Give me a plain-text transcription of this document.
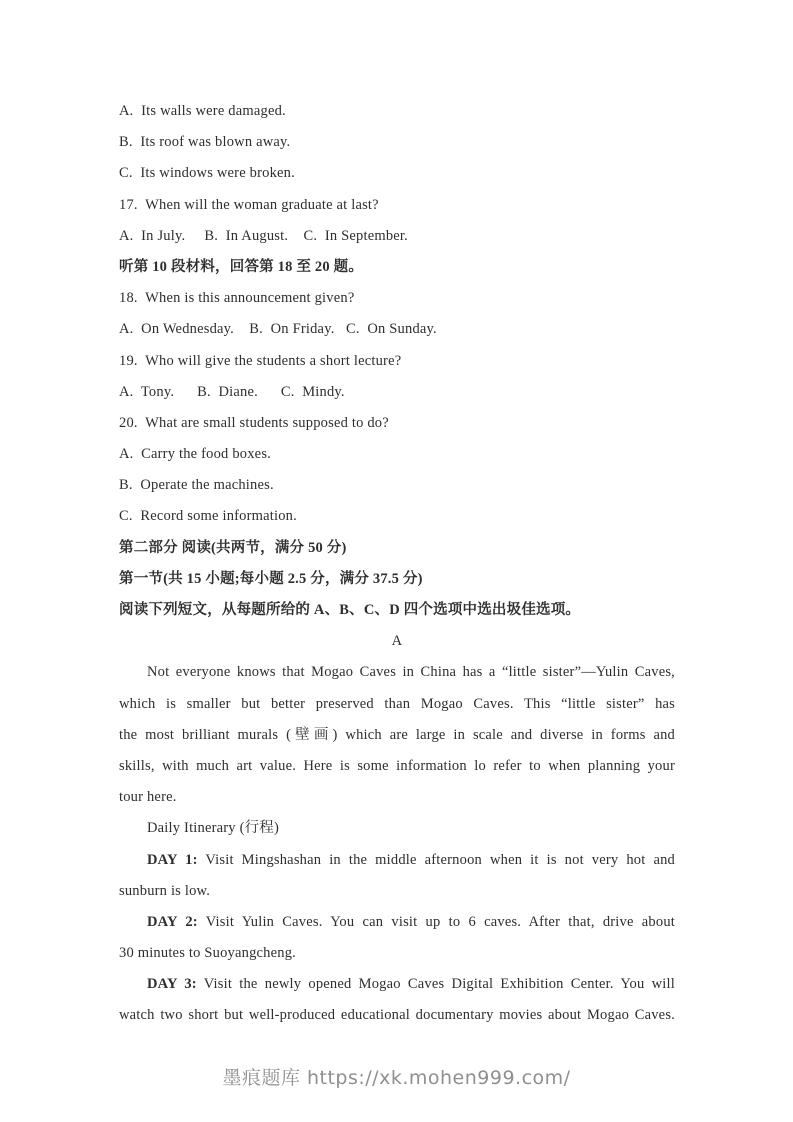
A.  Its walls were damaged.
B.  Its roof was blown away.
C.  Its windows were broken.
17.  When will the woman graduate at last?
A.  In July.     B.  In August.    C.  In September.
听第 10 段材料，回答第 18 至 20 题。
18.  When is this announcement given?
A.  On Wednesday.    B.  On Friday.   C.  On Sunday.
19.  Who will give the students a short lecture?
A.  Tony.      B.  Diane.      C.  Mindy.
20.  What are small students supposed to do?
A.  Carry the food boxes.
B.  Operate the machines.
C.  Record some information.
第二部分 阅读(共两节，满分 50 分)
第一节(共 15 小题;每小题 2.5 分，满分 37.5 分)
阅读下列短文，从每题所给的 A、B、C、D 四个选项中选出圾佳选项。
A
Not everyone knows that Mogao Caves in China has a “little sister”—Yulin Caves,
which is smaller but better preserved than Mogao Caves. This “little sister” has
the most brilliant murals (壁画) which are large in scale and diverse in forms and
skills, with much art value. Here is some information lo refer to when planning your
tour here.
Daily Itinerary (行程)
DAY 1: Visit Mingshashan in the middle afternoon when it is not very hot and
sunburn is low.
DAY 2: Visit Yulin Caves. You can visit up to 6 caves. After that, drive about
30 minutes to Suoyangcheng.
DAY 3: Visit the newly opened Mogao Caves Digital Exhibition Center. You will
watch two short but well-produced educational documentary movies about Mogao Caves.
墨痕题库 https://xk.mohen999.com/
